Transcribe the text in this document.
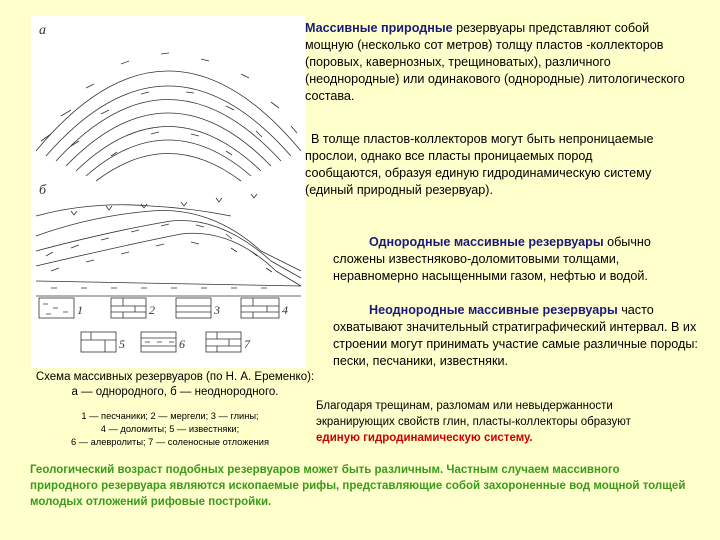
а
б
1	2	3	4
5	6	7
Массивные природные резервуары представляют собой мощную (несколько сот метров) толщу пластов -коллекторов (поровых, кавернозных, трещиноватых), различного (неоднородные) или одинакового (однородные) литологического состава.
В толще пластов-коллекторов могут быть непроницаемые прослои, однако все пласты проницаемых пород сообщаются, образуя единую гидродинамическую систему (единый природный резервуар).
Однородные массивные резервуары обычно сложены известняково-доломитовыми толщами, неравномерно насыщенными газом, нефтью и водой.
Неоднородные массивные резервуары часто охватывают значительный стратиграфический интервал. В их строении могут принимать участие самые различные породы: пески, песчаники, известняки.
Схема массивных резервуаров (по Н. А. Еременко):
а — однородного, б — неоднородного.
1 — песчаники; 2 — мергели; 3 — глины;
4 — доломиты; 5 — известняки;
6 — алевролиты; 7 — соленосные отложения
Благодаря трещинам, разломам или невыдержанности экранирующих свойств глин, пласты-коллекторы образуют единую гидродинамическую систему.
Геологический возраст подобных резервуаров может быть различным. Частным случаем массивного природного резервуара являются ископаемые рифы, представляющие собой захороненные вод мощной толщей молодых отложений рифовые постройки.
